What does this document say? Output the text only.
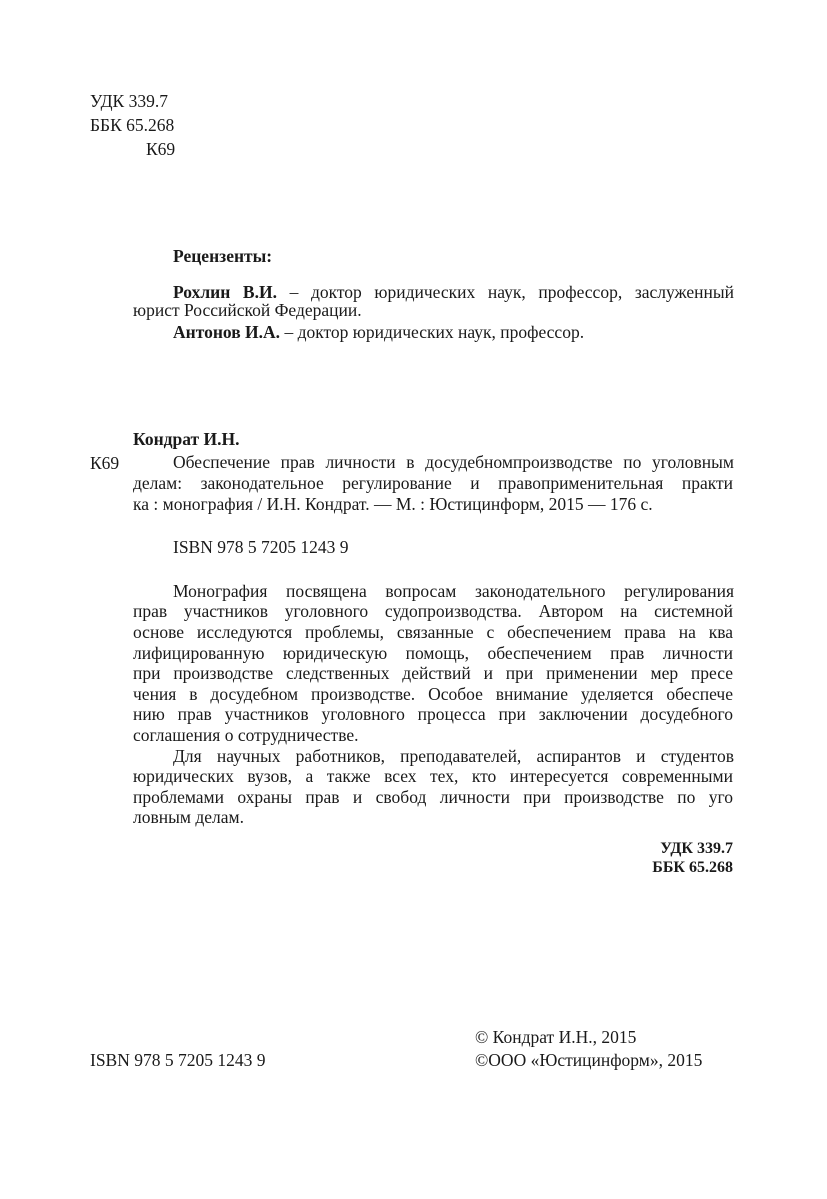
УДК 339.7
ББК 65.268
К69
Рецензенты:
Рохлин В.И. – доктор юридических наук, профессор, заслуженный
юрист Российской Федерации.
Антонов И.А. – доктор юридических наук, профессор.
Кондрат И.Н.
К69	Обеспечение прав личности в досудебномпроизводстве по уголовным
делам: законодательное регулирование и правоприменительная практи
ка : монография / И.Н. Кондрат. — М. : Юстицинформ, 2015 — 176 с.
ISBN 978 5 7205 1243 9
Монография посвящена вопросам законодательного регулирования
прав участников уголовного судопроизводства. Автором на системной
основе исследуются проблемы, связанные с обеспечением права на ква
лифицированную юридическую помощь, обеспечением прав личности
при производстве следственных действий и при применении мер пресе
чения в досудебном производстве. Особое внимание уделяется обеспече
нию прав участников уголовного процесса при заключении досудебного
соглашения о сотрудничестве.
Для научных работников, преподавателей, аспирантов и студентов
юридических вузов, а также всех тех, кто интересуется современными
проблемами охраны прав и свобод личности при производстве по уго
ловным делам.
УДК 339.7
ББК 65.268
© Кондрат И.Н., 2015
ISBN 978 5 7205 1243 9	©ООО «Юстицинформ», 2015
